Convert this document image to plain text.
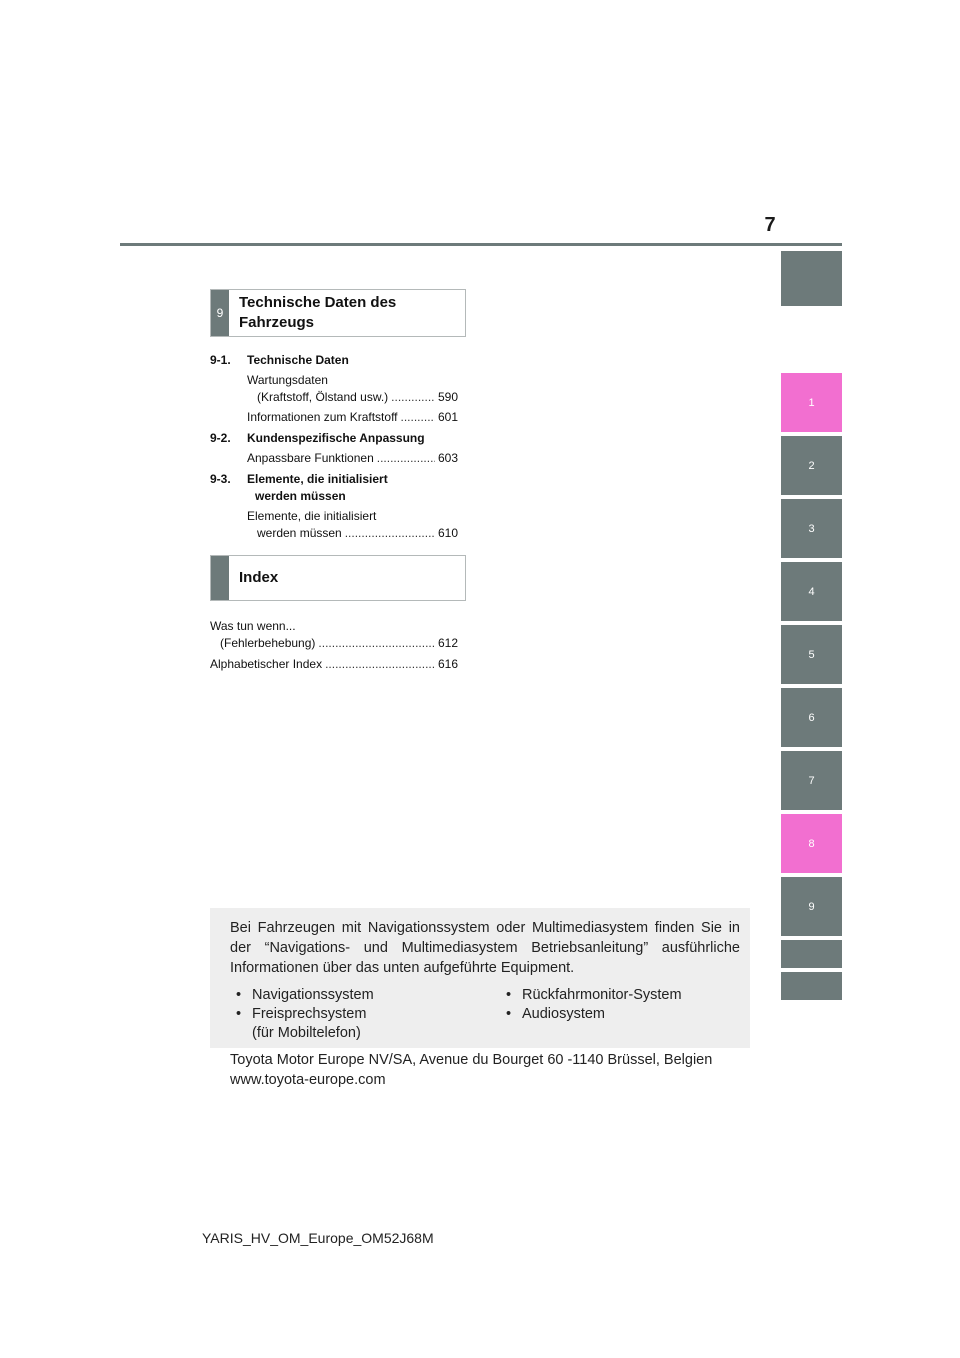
7
9
Technische Daten des Fahrzeugs
9-1.	Technische Daten
Wartungsdaten
(Kraftstoff, Ölstand usw.) .....	590
Informationen zum Kraftstoff .....	601
9-2.	Kundenspezifische Anpassung
Anpassbare Funktionen .....	603
9-3.	Elemente, die initialisiert
werden müssen
Elemente, die initialisiert
werden müssen .....	610
Index
Was tun wenn...
(Fehlerbehebung) .....	612
Alphabetischer Index .....	616
1
2
3
4
5
6
7
8
9
Bei Fahrzeugen mit Navigationssystem oder Multimediasystem finden Sie in der “Navigations- und Multimediasystem Betriebsanleitung” ausführliche Informationen über das unten aufgeführte Equipment.
• Navigationssystem
• Freisprechsystem
(für Mobiltelefon)
• Rückfahrmonitor-System
• Audiosystem
Toyota Motor Europe NV/SA, Avenue du Bourget 60 -1140 Brüssel, Belgien
www.toyota-europe.com
YARIS_HV_OM_Europe_OM52J68M
